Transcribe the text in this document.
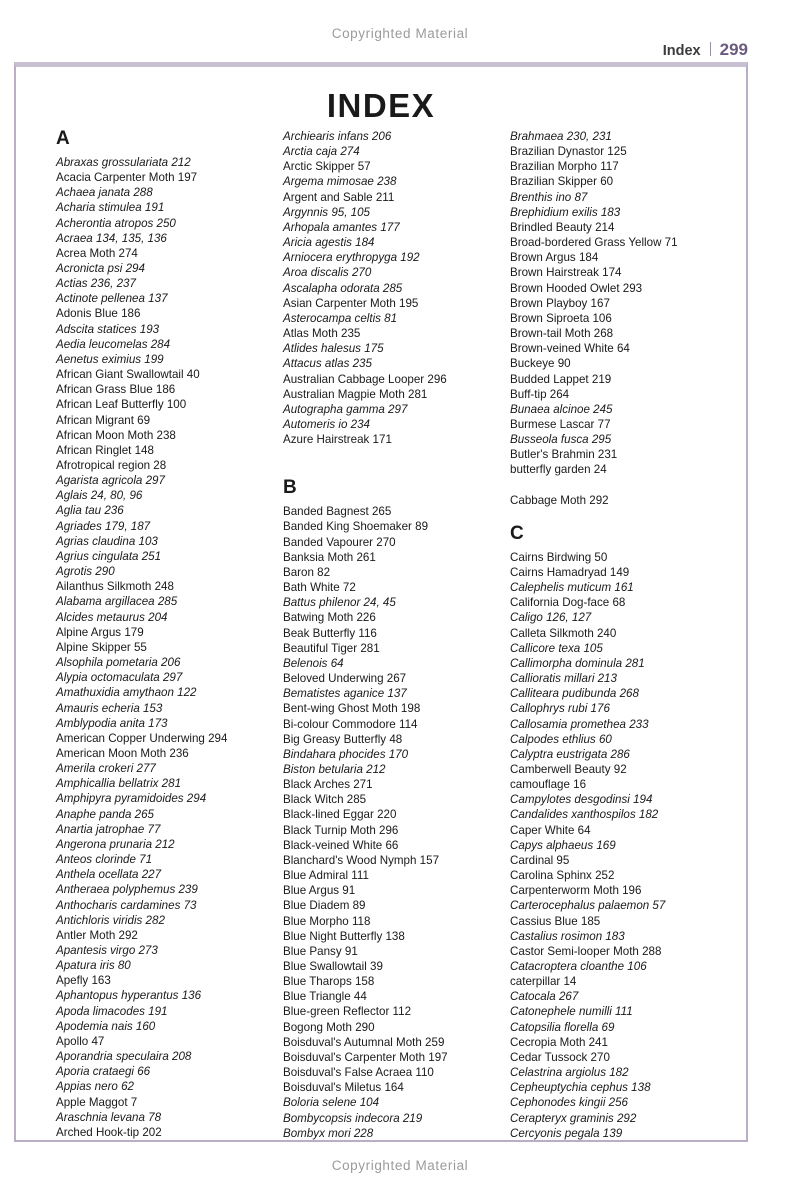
Copyrighted Material
Index 299
INDEX
A
Abraxas grossulariata 212
Acacia Carpenter Moth 197
Achaea janata 288
Acharia stimulea 191
Acherontia atropos 250
Acraea 134, 135, 136
Acrea Moth 274
Acronicta psi 294
Actias 236, 237
Actinote pellenea 137
Adonis Blue 186
Adscita statices 193
Aedia leucomelas 284
Aenetus eximius 199
African Giant Swallowtail 40
African Grass Blue 186
African Leaf Butterfly 100
African Migrant 69
African Moon Moth 238
African Ringlet 148
Afrotropical region 28
Agarista agricola 297
Aglais 24, 80, 96
Aglia tau 236
Agriades 179, 187
Agrias claudina 103
Agrius cingulata 251
Agrotis 290
Ailanthus Silkmoth 248
Alabama argillacea 285
Alcides metaurus 204
Alpine Argus 179
Alpine Skipper 55
Alsophila pometaria 206
Alypia octomaculata 297
Amathuxidia amythaon 122
Amauris echeria 153
Amblypodia anita 173
American Copper Underwing 294
American Moon Moth 236
Amerila crokeri 277
Amphicallia bellatrix 281
Amphipyra pyramidoides 294
Anaphe panda 265
Anartia jatrophae 77
Angerona prunaria 212
Anteos clorinde 71
Anthela ocellata 227
Antheraea polyphemus 239
Anthocharis cardamines 73
Antichloris viridis 282
Antler Moth 292
Apantesis virgo 273
Apatura iris 80
Apefly 163
Aphantopus hyperantus 136
Apoda limacodes 191
Apodemia nais 160
Apollo 47
Aporandria speculaira 208
Aporia crataegi 66
Appias nero 62
Apple Maggot 7
Araschnia levana 78
Arched Hook-tip 202
Archiearis infans 206
Arctia caja 274
Arctic Skipper 57
Argema mimosae 238
Argent and Sable 211
Argynnis 95, 105
Arhopala amantes 177
Aricia agestis 184
Arniocera erythropyga 192
Aroa discalis 270
Ascalapha odorata 285
Asian Carpenter Moth 195
Asterocampa celtis 81
Atlas Moth 235
Atlides halesus 175
Attacus atlas 235
Australian Cabbage Looper 296
Australian Magpie Moth 281
Autographa gamma 297
Automeris io 234
Azure Hairstreak 171

B
Banded Bagnest 265
Banded King Shoemaker 89
Banded Vapourer 270
Banksia Moth 261
Baron 82
Bath White 72
Battus philenor 24, 45
Batwing Moth 226
Beak Butterfly 116
Beautiful Tiger 281
Belenois 64
Beloved Underwing 267
Bematistes aganice 137
Bent-wing Ghost Moth 198
Bi-colour Commodore 114
Big Greasy Butterfly 48
Bindahara phocides 170
Biston betularia 212
Black Arches 271
Black Witch 285
Black-lined Eggar 220
Black Turnip Moth 296
Black-veined White 66
Blanchard's Wood Nymph 157
Blue Admiral 111
Blue Argus 91
Blue Diadem 89
Blue Morpho 118
Blue Night Butterfly 138
Blue Pansy 91
Blue Swallowtail 39
Blue Tharops 158
Blue Triangle 44
Blue-green Reflector 112
Bogong Moth 290
Boisduval's Autumnal Moth 259
Boisduval's Carpenter Moth 197
Boisduval's False Acraea 110
Boisduval's Miletus 164
Boloria selene 104
Bombycopsis indecora 219
Bombyx mori 228
Brahmaea 230, 231
Brazilian Dynastor 125
Brazilian Morpho 117
Brazilian Skipper 60
Brenthis ino 87
Brephidium exilis 183
Brindled Beauty 214
Broad-bordered Grass Yellow 71
Brown Argus 184
Brown Hairstreak 174
Brown Hooded Owlet 293
Brown Playboy 167
Brown Siproeta 106
Brown-tail Moth 268
Brown-veined White 64
Buckeye 90
Budded Lappet 219
Buff-tip 264
Bunaea alcinoe 245
Burmese Lascar 77
Busseola fusca 295
Butler's Brahmin 231
butterfly garden 24

Cabbage Moth 292
C
Cairns Birdwing 50
Cairns Hamadryad 149
Calephelis muticum 161
California Dog-face 68
Caligo 126, 127
Calleta Silkmoth 240
Callicore texa 105
Callimorpha dominula 281
Callioratis millari 213
Calliteara pudibunda 268
Callophrys rubi 176
Callosamia promethea 233
Calpodes ethlius 60
Calyptra eustrigata 286
Camberwell Beauty 92
camouflage 16
Campylotes desgodinsi 194
Candalides xanthospilos 182
Caper White 64
Capys alphaeus 169
Cardinal 95
Carolina Sphinx 252
Carpenterworm Moth 196
Carterocephalus palaemon 57
Cassius Blue 185
Castalius rosimon 183
Castor Semi-looper Moth 288
Catacroptera cloanthe 106
caterpillar 14
Catocala 267
Catonephele numilli 111
Catopsilia florella 69
Cecropia Moth 241
Cedar Tussock 270
Celastrina argiolus 182
Cepheuptychia cephus 138
Cephonodes kingii 256
Cerapteryx graminis 292
Cercyonis pegala 139
Copyrighted Material
